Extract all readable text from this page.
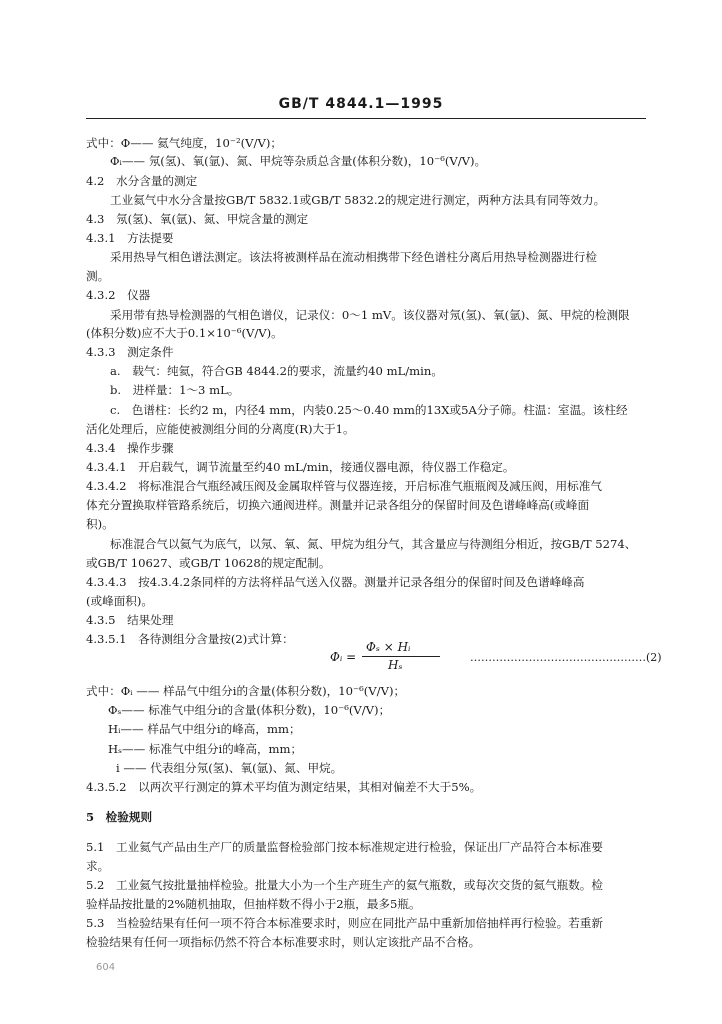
GB/T 4844.1—1995
式中：Φ—— 氦气纯度，10⁻²(V/V)；
Φᵢ—— 氖(氢)、氧(氩)、氮、甲烷等杂质总含量(体积分数)，10⁻⁶(V/V)。
4.2　水分含量的测定
工业氦气中水分含量按GB/T 5832.1或GB/T 5832.2的规定进行测定，两种方法具有同等效力。
4.3　氖(氢)、氧(氩)、氮、甲烷含量的测定
4.3.1　方法提要
采用热导气相色谱法测定。该法将被测样品在流动相携带下经色谱柱分离后用热导检测器进行检
测。
4.3.2　仪器
采用带有热导检测器的气相色谱仪，记录仪：0～1 mV。该仪器对氖(氢)、氧(氩)、氮、甲烷的检测限
(体积分数)应不大于0.1×10⁻⁶(V/V)。
4.3.3　测定条件
a.　载气：纯氦，符合GB 4844.2的要求，流量约40 mL/min。
b.　进样量：1～3 mL。
c.　色谱柱：长约2 m，内径4 mm，内装0.25～0.40 mm的13X或5A分子筛。柱温：室温。该柱经
活化处理后，应能使被测组分间的分离度(R)大于1。
4.3.4　操作步骤
4.3.4.1　开启载气，调节流量至约40 mL/min，接通仪器电源，待仪器工作稳定。
4.3.4.2　将标准混合气瓶经减压阀及金属取样管与仪器连接，开启标准气瓶瓶阀及减压阀，用标准气
体充分置换取样管路系统后，切换六通阀进样。测量并记录各组分的保留时间及色谱峰峰高(或峰面
积)。
标准混合气以氦气为底气，以氖、氧、氮、甲烷为组分气，其含量应与待测组分相近，按GB/T 5274、
或GB/T 10627、或GB/T 10628的规定配制。
4.3.4.3　按4.3.4.2条同样的方法将样品气送入仪器。测量并记录各组分的保留时间及色谱峰峰高
(或峰面积)。
4.3.5　结果处理
4.3.5.1　各待测组分含量按(2)式计算：
Φᵢ =
Φₛ × Hᵢ
Hₛ
…………………………………………(2)
式中：Φᵢ —— 样品气中组分i的含量(体积分数)，10⁻⁶(V/V)；
Φₛ—— 标准气中组分i的含量(体积分数)，10⁻⁶(V/V)；
Hᵢ—— 样品气中组分i的峰高，mm；
Hₛ—— 标准气中组分i的峰高，mm；
i —— 代表组分氖(氢)、氧(氩)、氮、甲烷。
4.3.5.2　以两次平行测定的算术平均值为测定结果，其相对偏差不大于5%。
5　检验规则
5.1　工业氦气产品由生产厂的质量监督检验部门按本标准规定进行检验，保证出厂产品符合本标准要
求。
5.2　工业氦气按批量抽样检验。批量大小为一个生产班生产的氦气瓶数，或每次交货的氦气瓶数。检
验样品按批量的2%随机抽取，但抽样数不得小于2瓶，最多5瓶。
5.3　当检验结果有任何一项不符合本标准要求时，则应在同批产品中重新加倍抽样再行检验。若重新
检验结果有任何一项指标仍然不符合本标准要求时，则认定该批产品不合格。
604
